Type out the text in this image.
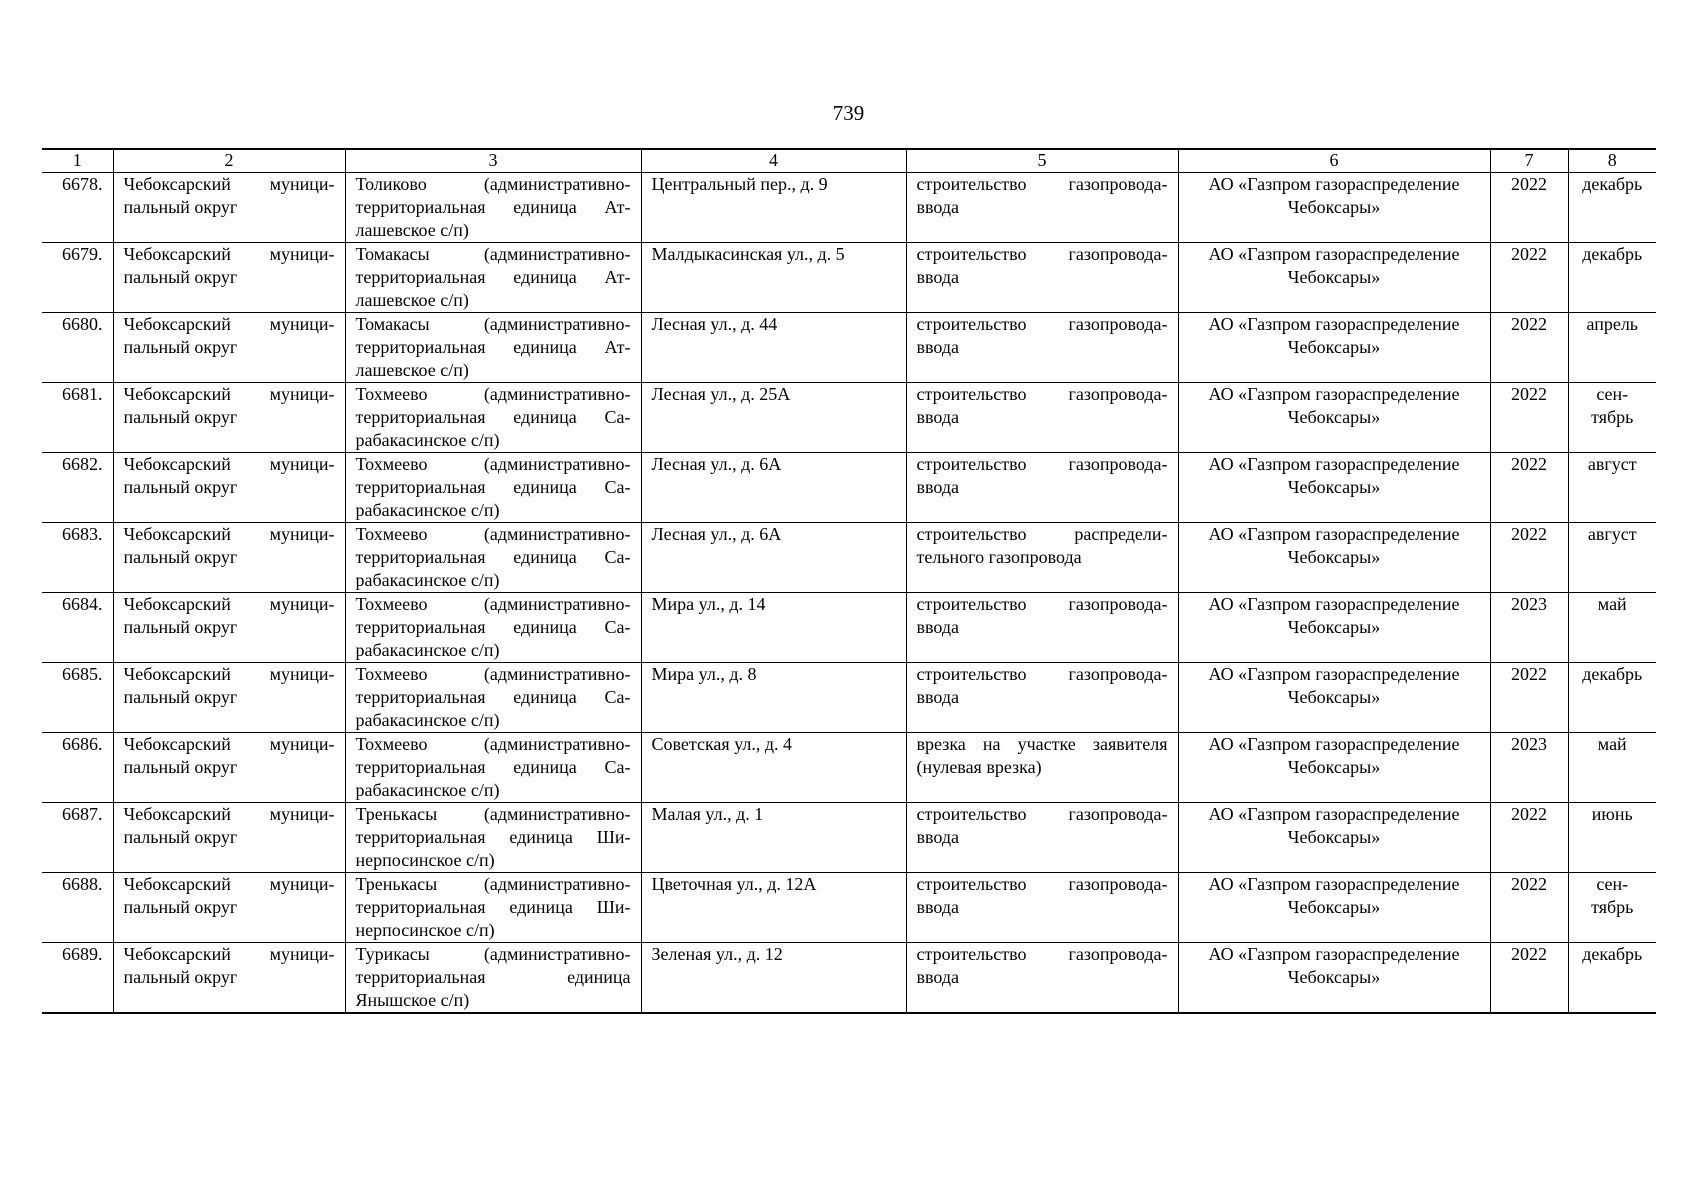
739
1	2	3	4	5	6	7	8
6678.	Чебоксарский муници-пальный округ	Толиково (административно-территориальная единица Ат-лашевское с/п)	Центральный пер., д. 9	строительство газопровода-ввода	АО «Газпром газораспределение Чебоксары»	2022	декабрь
6679.	Чебоксарский муници-пальный округ	Томакасы (административно-территориальная единица Ат-лашевское с/п)	Малдыкасинская ул., д. 5	строительство газопровода-ввода	АО «Газпром газораспределение Чебоксары»	2022	декабрь
6680.	Чебоксарский муници-пальный округ	Томакасы (административно-территориальная единица Ат-лашевское с/п)	Лесная ул., д. 44	строительство газопровода-ввода	АО «Газпром газораспределение Чебоксары»	2022	апрель
6681.	Чебоксарский муници-пальный округ	Тохмеево (административно-территориальная единица Са-рабакасинское с/п)	Лесная ул., д. 25А	строительство газопровода-ввода	АО «Газпром газораспределение Чебоксары»	2022	сен-тябрь
6682.	Чебоксарский муници-пальный округ	Тохмеево (административно-территориальная единица Са-рабакасинское с/п)	Лесная ул., д. 6А	строительство газопровода-ввода	АО «Газпром газораспределение Чебоксары»	2022	август
6683.	Чебоксарский муници-пальный округ	Тохмеево (административно-территориальная единица Са-рабакасинское с/п)	Лесная ул., д. 6А	строительство распредели-тельного газопровода	АО «Газпром газораспределение Чебоксары»	2022	август
6684.	Чебоксарский муници-пальный округ	Тохмеево (административно-территориальная единица Са-рабакасинское с/п)	Мира ул., д. 14	строительство газопровода-ввода	АО «Газпром газораспределение Чебоксары»	2023	май
6685.	Чебоксарский муници-пальный округ	Тохмеево (административно-территориальная единица Са-рабакасинское с/п)	Мира ул., д. 8	строительство газопровода-ввода	АО «Газпром газораспределение Чебоксары»	2022	декабрь
6686.	Чебоксарский муници-пальный округ	Тохмеево (административно-территориальная единица Са-рабакасинское с/п)	Советская ул., д. 4	врезка на участке заявителя (нулевая врезка)	АО «Газпром газораспределение Чебоксары»	2023	май
6687.	Чебоксарский муници-пальный округ	Тренькасы (административно-территориальная единица Ши-нерпосинское с/п)	Малая ул., д. 1	строительство газопровода-ввода	АО «Газпром газораспределение Чебоксары»	2022	июнь
6688.	Чебоксарский муници-пальный округ	Тренькасы (административно-территориальная единица Ши-нерпосинское с/п)	Цветочная ул., д. 12А	строительство газопровода-ввода	АО «Газпром газораспределение Чебоксары»	2022	сен-тябрь
6689.	Чебоксарский муници-пальный округ	Турикасы (административно-территориальная единица Янышское с/п)	Зеленая ул., д. 12	строительство газопровода-ввода	АО «Газпром газораспределение Чебоксары»	2022	декабрь
